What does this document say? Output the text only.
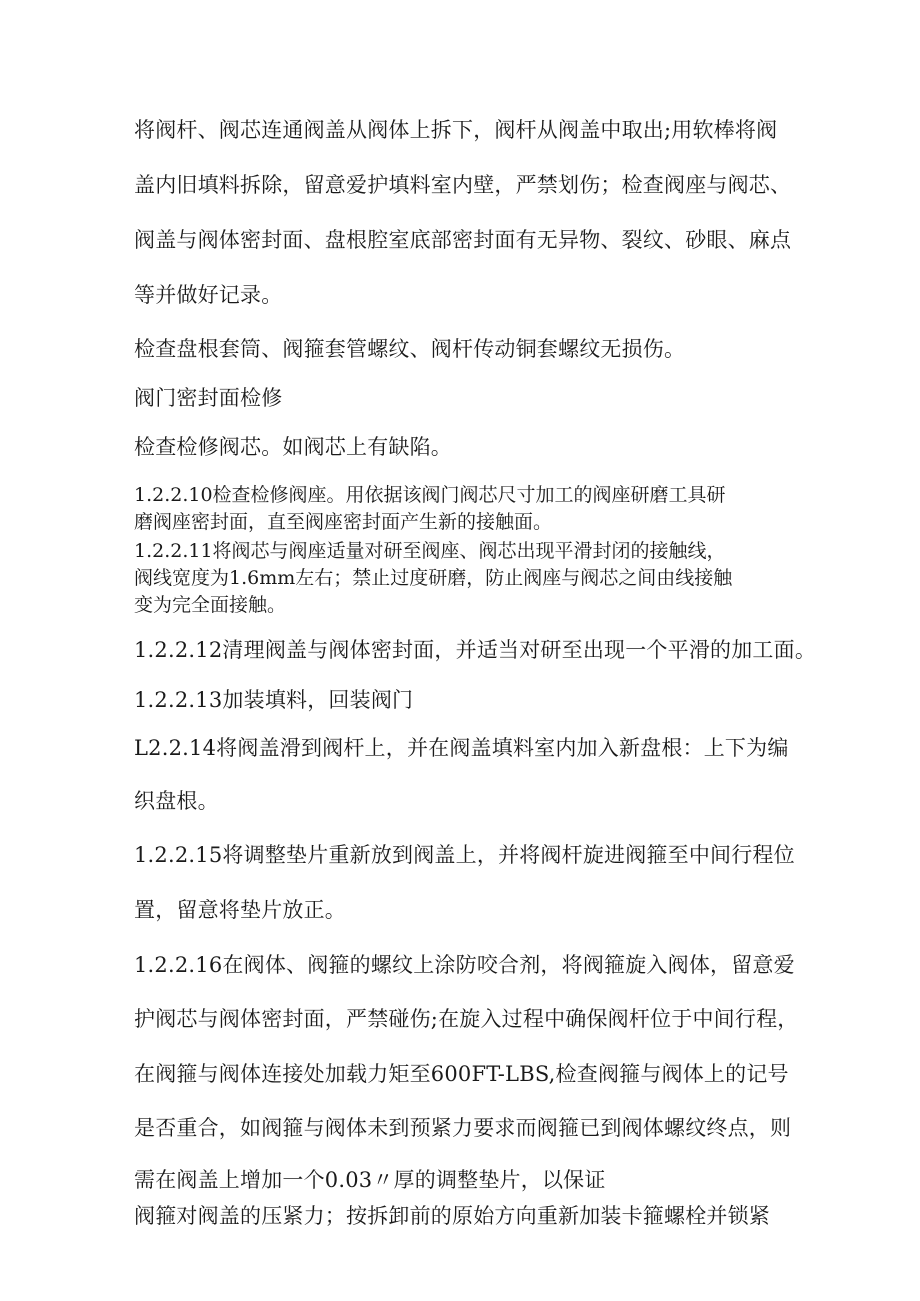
将阀杆、阀芯连通阀盖从阀体上拆下，阀杆从阀盖中取出;用软棒将阀
盖内旧填料拆除，留意爱护填料室内壁，严禁划伤；检查阀座与阀芯、
阀盖与阀体密封面、盘根腔室底部密封面有无异物、裂纹、砂眼、麻点
等并做好记录。
检查盘根套筒、阀箍套管螺纹、阀杆传动铜套螺纹无损伤。
阀门密封面检修
检查检修阀芯。如阀芯上有缺陷。
1.2.2.10检查检修阀座。用依据该阀门阀芯尺寸加工的阀座研磨工具研
磨阀座密封面，直至阀座密封面产生新的接触面。
1.2.2.11将阀芯与阀座适量对研至阀座、阀芯出现平滑封闭的接触线，
阀线宽度为1.6mm左右；禁止过度研磨，防止阀座与阀芯之间由线接触
变为完全面接触。
1.2.2.12清理阀盖与阀体密封面，并适当对研至出现一个平滑的加工面。
1.2.2.13加装填料，回装阀门
L2.2.14将阀盖滑到阀杆上，并在阀盖填料室内加入新盘根：上下为编
织盘根。
1.2.2.15将调整垫片重新放到阀盖上，并将阀杆旋进阀箍至中间行程位
置，留意将垫片放正。
1.2.2.16在阀体、阀箍的螺纹上涂防咬合剂，将阀箍旋入阀体，留意爱
护阀芯与阀体密封面，严禁碰伤;在旋入过程中确保阀杆位于中间行程，
在阀箍与阀体连接处加载力矩至600FT-LBS,检查阀箍与阀体上的记号
是否重合，如阀箍与阀体未到预紧力要求而阀箍已到阀体螺纹终点，则
需在阀盖上增加一个0.03〃厚的调整垫片，以保证
阀箍对阀盖的压紧力；按拆卸前的原始方向重新加装卡箍螺栓并锁紧
